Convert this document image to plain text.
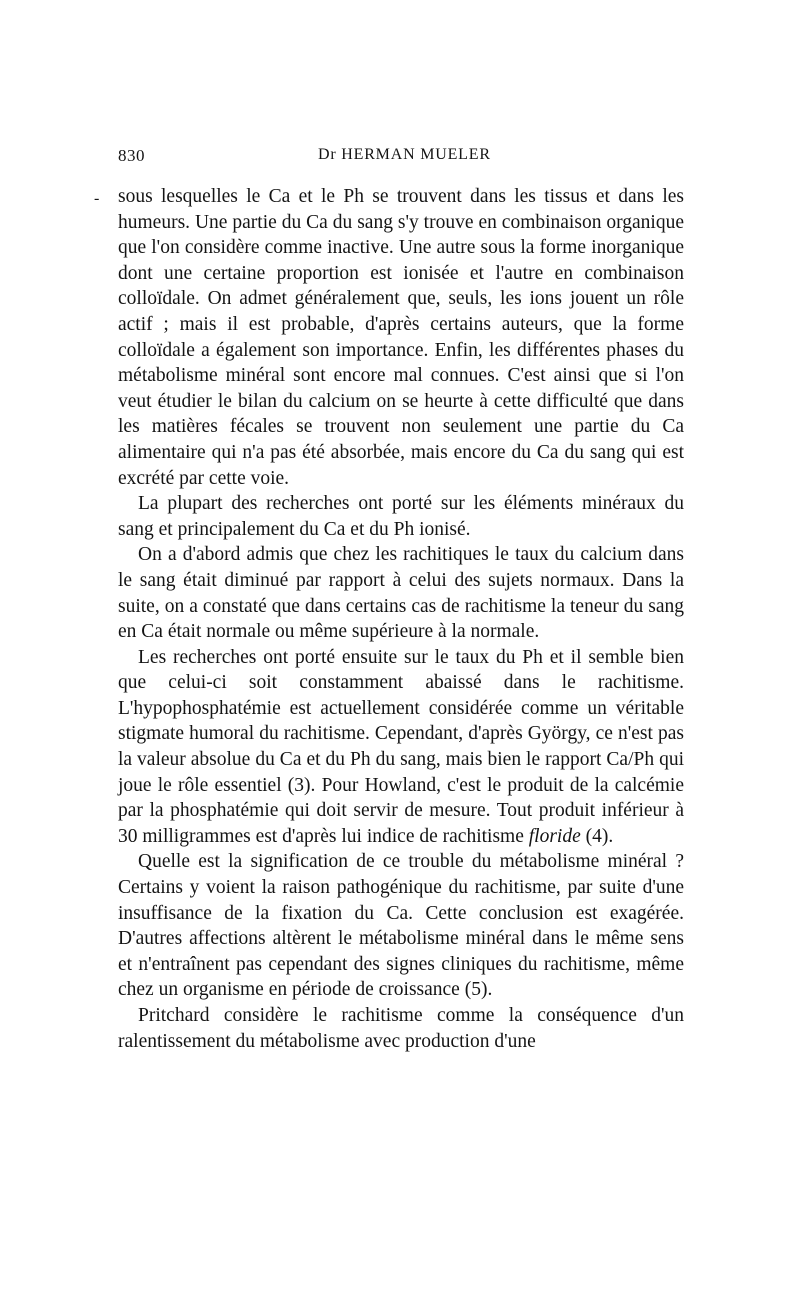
830	Dr HERMAN MUELER
- sous lesquelles le Ca et le Ph se trouvent dans les tissus et dans les humeurs. Une partie du Ca du sang s'y trouve en combinaison organique que l'on considère comme inactive. Une autre sous la forme inorganique dont une certaine proportion est ionisée et l'autre en combinaison colloïdale. On admet généralement que, seuls, les ions jouent un rôle actif ; mais il est probable, d'après certains auteurs, que la forme colloïdale a également son importance. Enfin, les différentes phases du métabolisme minéral sont encore mal connues. C'est ainsi que si l'on veut étudier le bilan du calcium on se heurte à cette difficulté que dans les matières fécales se trouvent non seulement une partie du Ca alimentaire qui n'a pas été absorbée, mais encore du Ca du sang qui est excrété par cette voie.

La plupart des recherches ont porté sur les éléments minéraux du sang et principalement du Ca et du Ph ionisé.

On a d'abord admis que chez les rachitiques le taux du calcium dans le sang était diminué par rapport à celui des sujets normaux. Dans la suite, on a constaté que dans certains cas de rachitisme la teneur du sang en Ca était normale ou même supérieure à la normale.

Les recherches ont porté ensuite sur le taux du Ph et il semble bien que celui-ci soit constamment abaissé dans le rachitisme. L'hypophosphatémie est actuellement considérée comme un véritable stigmate humoral du rachitisme. Cependant, d'après György, ce n'est pas la valeur absolue du Ca et du Ph du sang, mais bien le rapport Ca/Ph qui joue le rôle essentiel (3). Pour Howland, c'est le produit de la calcémie par la phosphatémie qui doit servir de mesure. Tout produit inférieur à 30 milligrammes est d'après lui indice de rachitisme floride (4).

Quelle est la signification de ce trouble du métabolisme minéral ? Certains y voient la raison pathogénique du rachitisme, par suite d'une insuffisance de la fixation du Ca. Cette conclusion est exagérée. D'autres affections altèrent le métabolisme minéral dans le même sens et n'entraînent pas cependant des signes cliniques du rachitisme, même chez un organisme en période de croissance (5).

Pritchard considère le rachitisme comme la conséquence d'un ralentissement du métabolisme avec production d'une
